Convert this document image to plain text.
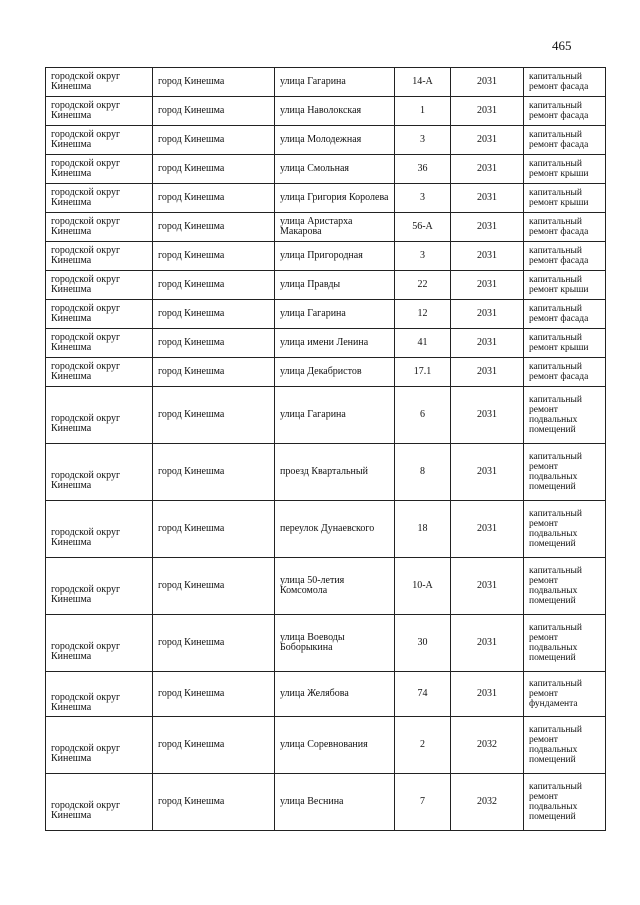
465
городской округ Кинешма	город Кинешма	улица Гагарина	14-А	2031	капитальный ремонт фасада
городской округ Кинешма	город Кинешма	улица Наволокская	1	2031	капитальный ремонт фасада
городской округ Кинешма	город Кинешма	улица Молодежная	3	2031	капитальный ремонт фасада
городской округ Кинешма	город Кинешма	улица Смольная	36	2031	капитальный ремонт крыши
городской округ Кинешма	город Кинешма	улица Григория Королева	3	2031	капитальный ремонт крыши
городской округ Кинешма	город Кинешма	улица Аристарха Макарова	56-А	2031	капитальный ремонт фасада
городской округ Кинешма	город Кинешма	улица Пригородная	3	2031	капитальный ремонт фасада
городской округ Кинешма	город Кинешма	улица Правды	22	2031	капитальный ремонт крыши
городской округ Кинешма	город Кинешма	улица Гагарина	12	2031	капитальный ремонт фасада
городской округ Кинешма	город Кинешма	улица имени Ленина	41	2031	капитальный ремонт крыши
городской округ Кинешма	город Кинешма	улица Декабристов	17.1	2031	капитальный ремонт фасада
городской округ Кинешма	город Кинешма	улица Гагарина	6	2031	капитальный ремонт подвальных помещений
городской округ Кинешма	город Кинешма	проезд Квартальный	8	2031	капитальный ремонт подвальных помещений
городской округ Кинешма	город Кинешма	переулок Дунаевского	18	2031	капитальный ремонт подвальных помещений
городской округ Кинешма	город Кинешма	улица 50-летия Комсомола	10-А	2031	капитальный ремонт подвальных помещений
городской округ Кинешма	город Кинешма	улица Воеводы Боборыкина	30	2031	капитальный ремонт подвальных помещений
городской округ Кинешма	город Кинешма	улица Желябова	74	2031	капитальный ремонт фундамента
городской округ Кинешма	город Кинешма	улица Соревнования	2	2032	капитальный ремонт подвальных помещений
городской округ Кинешма	город Кинешма	улица Веснина	7	2032	капитальный ремонт подвальных помещений
